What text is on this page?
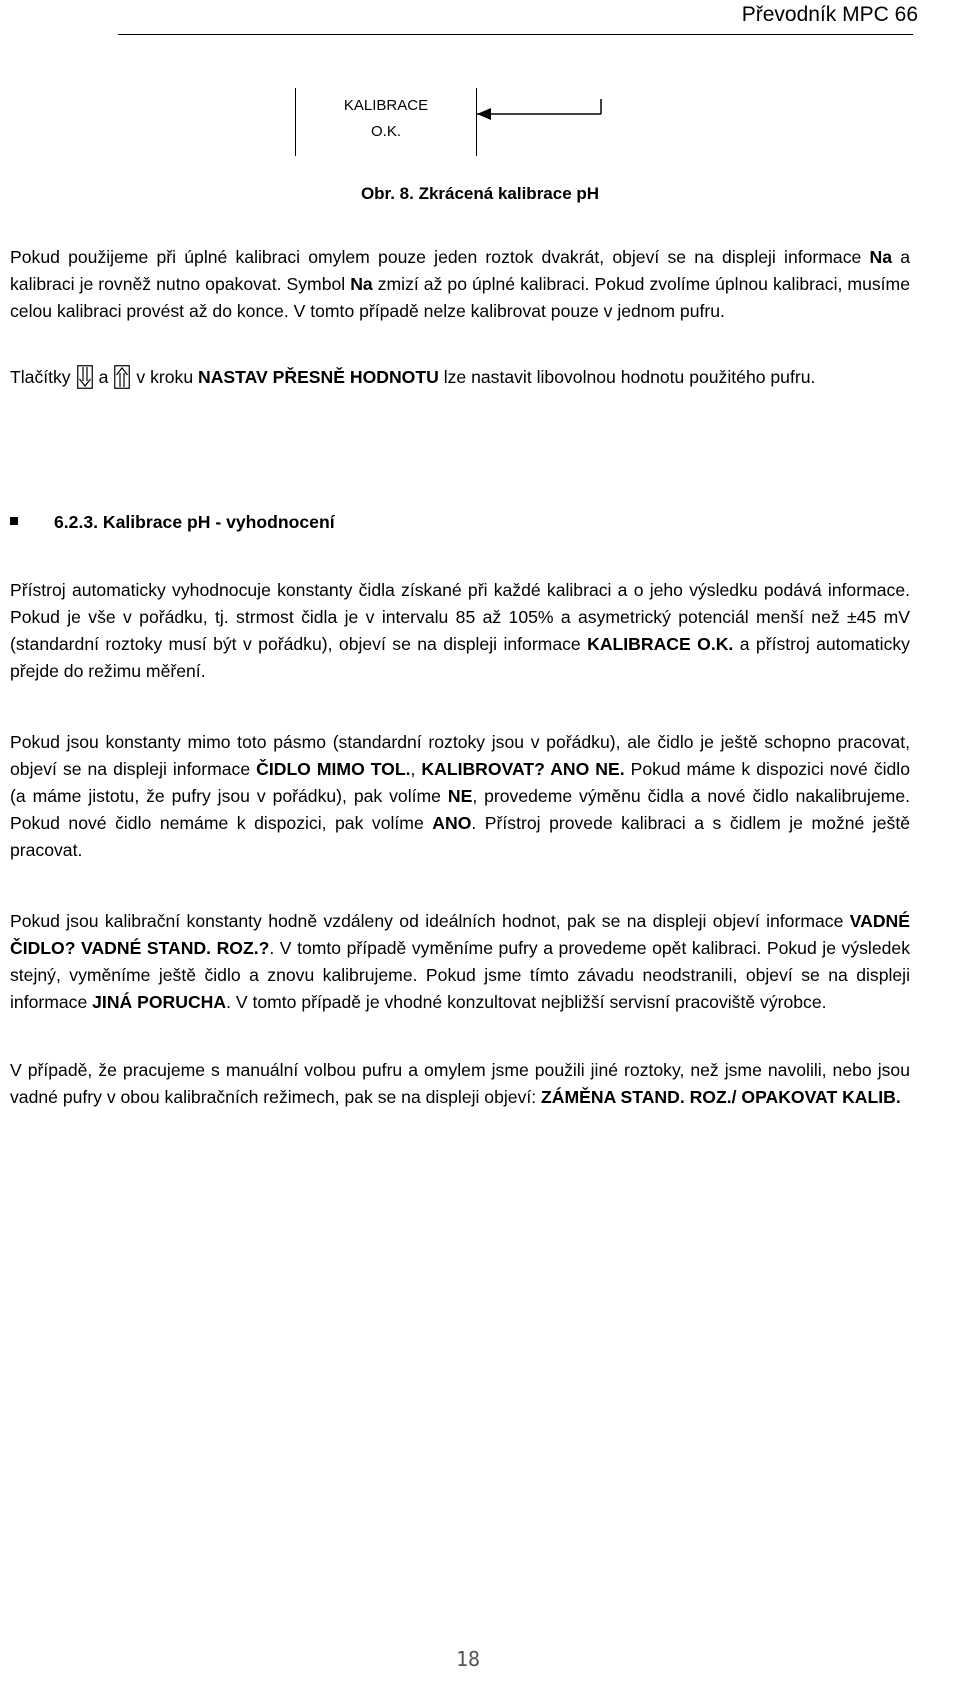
Převodník MPC 66
KALIBRACE
O.K.
Obr. 8. Zkrácená kalibrace pH
Pokud použijeme při úplné kalibraci omylem pouze jeden roztok dvakrát, objeví se na displeji informace Na a kalibraci je rovněž nutno opakovat. Symbol Na zmizí až po úplné kalibraci. Pokud zvolíme úplnou kalibraci, musíme celou kalibraci provést až do konce. V tomto případě nelze kalibrovat pouze v jednom pufru.
Tlačítky a v kroku NASTAV PŘESNĚ HODNOTU lze nastavit libovolnou hodnotu použitého pufru.
6.2.3. Kalibrace pH - vyhodnocení
Přístroj automaticky vyhodnocuje konstanty čidla získané při každé kalibraci a o jeho výsledku podává informace. Pokud je vše v pořádku, tj. strmost čidla je v intervalu 85 až 105% a asymetrický potenciál menší než ±45 mV (standardní roztoky musí být v pořádku), objeví se na displeji informace KALIBRACE O.K. a přístroj automaticky přejde do režimu měření.
Pokud jsou konstanty mimo toto pásmo (standardní roztoky jsou v pořádku), ale čidlo je ještě schopno pracovat, objeví se na displeji informace ČIDLO MIMO TOL., KALIBROVAT? ANO NE. Pokud máme k dispozici nové čidlo (a máme jistotu, že pufry jsou v pořádku), pak volíme NE, provedeme výměnu čidla a nové čidlo nakalibrujeme. Pokud nové čidlo nemáme k dispozici, pak volíme ANO. Přístroj provede kalibraci a s čidlem je možné ještě pracovat.
Pokud jsou kalibrační konstanty hodně vzdáleny od ideálních hodnot, pak se na displeji objeví informace VADNÉ ČIDLO? VADNÉ STAND. ROZ.?. V tomto případě vyměníme pufry a provedeme opět kalibraci. Pokud je výsledek stejný, vyměníme ještě čidlo a znovu kalibrujeme. Pokud jsme tímto závadu neodstranili, objeví se na displeji informace JINÁ PORUCHA. V tomto případě je vhodné konzultovat nejbližší servisní pracoviště výrobce.
V případě, že pracujeme s manuální volbou pufru a omylem jsme použili jiné roztoky, než jsme navolili, nebo jsou vadné pufry v obou kalibračních režimech, pak se na displeji objeví: ZÁMĚNA STAND. ROZ./ OPAKOVAT KALIB.
18
